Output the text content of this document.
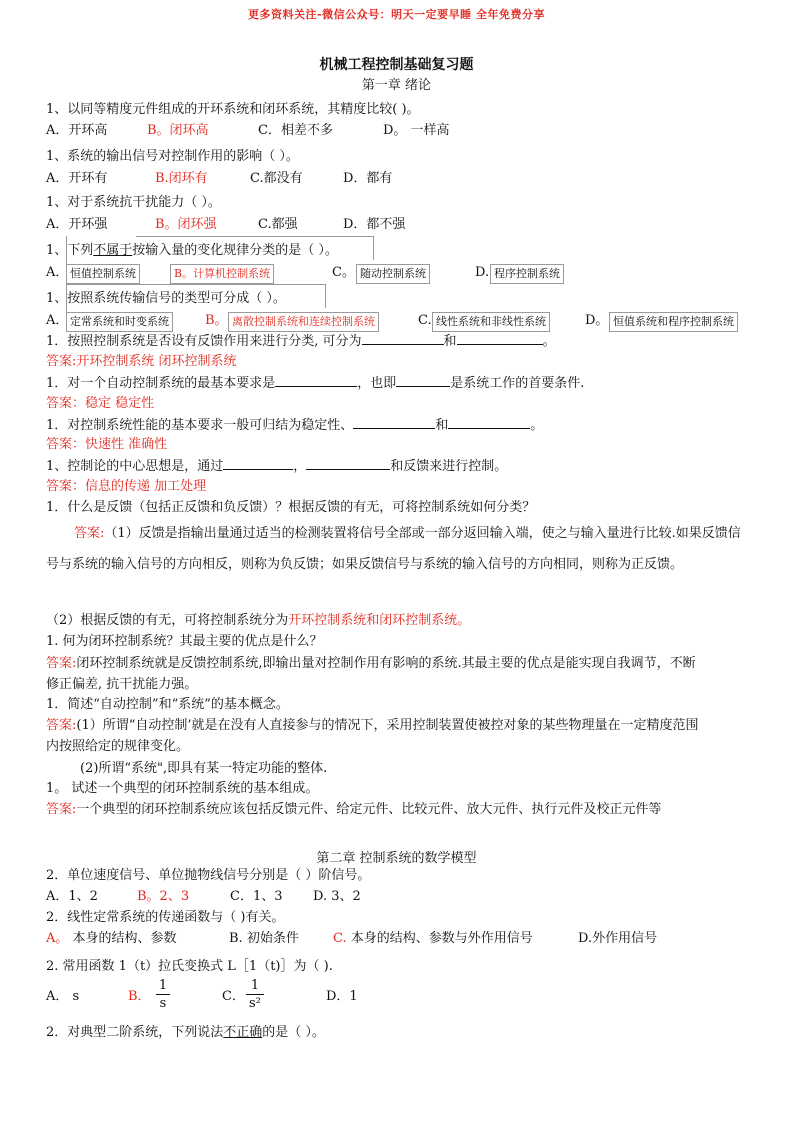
更多资料关注-微信公众号：明天一定要早睡 全年免费分享
机械工程控制基础复习题
第一章 绪论
1、以同等精度元件组成的开环系统和闭环系统，其精度比较( )。
A．开环高	B。闭环高	C．相差不多	D。 一样高
1、系统的输出信号对控制作用的影响（ ）。
A．开环有	B.闭环有	C.都没有	D．都有
1、对于系统抗干扰能力（ ）。
A．开环强	B。闭环强	C.都强	D．都不强
1、下列不属于按输入量的变化规律分类的是（ ）。
A． 恒值控制系统	B。计算机控制系统	C。 随动控制系统	D. 程序控制系统
1、按照系统传输信号的类型可分成（ ）。
A． 定常系统和时变系统	B。 离散控制系统和连续控制系统	C. 线性系统和非线性系统	D。 恒值系统和程序控制系统
1．按照控制系统是否设有反馈作用来进行分类, 可分为	和	。
答案:开环控制系统 闭环控制系统
1．对一个自动控制系统的最基本要求是	，也即	是系统工作的首要条件.
答案：稳定 稳定性
1．对控制系统性能的基本要求一般可归结为稳定性、	和	。
答案：快速性 准确性
1、控制论的中心思想是，通过	，	和反馈来进行控制。
答案：信息的传递 加工处理
1．什么是反馈（包括正反馈和负反馈）？根据反馈的有无，可将控制系统如何分类？
答案:（1）反馈是指输出量通过适当的检测装置将信号全部或一部分返回输入端，使之与输入量进行比较.如果反馈信号与系统的输入信号的方向相反，则称为负反馈；如果反馈信号与系统的输入信号的方向相同，则称为正反馈。
（2）根据反馈的有无，可将控制系统分为开环控制系统和闭环控制系统。
1. 何为闭环控制系统？其最主要的优点是什么？
答案:闭环控制系统就是反馈控制系统,即输出量对控制作用有影响的系统.其最主要的优点是能实现自我调节，不断
修正偏差, 抗干扰能力强。
1．简述“自动控制”和“系统”的基本概念。
答案:(1）所谓“自动控制’就是在没有人直接参与的情况下，采用控制装置使被控对象的某些物理量在一定精度范围
内按照给定的规律变化。
(2)所谓“系统",即具有某一特定功能的整体.
1。 试述一个典型的闭环控制系统的基本组成。
答案:一个典型的闭环控制系统应该包括反馈元件、给定元件、比较元件、放大元件、执行元件及校正元件等
第二章 控制系统的数学模型
2．单位速度信号、单位抛物线信号分别是（ ）阶信号。
A．1、2	B。2、3	C．1、3 D. 3、2
2．线性定常系统的传递函数与（ )有关。
A。 本身的结构、参数	B. 初始条件	C. 本身的结构、参数与外作用信号	D.外作用信号
2. 常用函数 1（t）拉氏变换式 L［1（t)］为（ ).
A． s	B．
1
s	C．
1
s²	D．1
2．对典型二阶系统，下列说法不正确的是（ ）。
